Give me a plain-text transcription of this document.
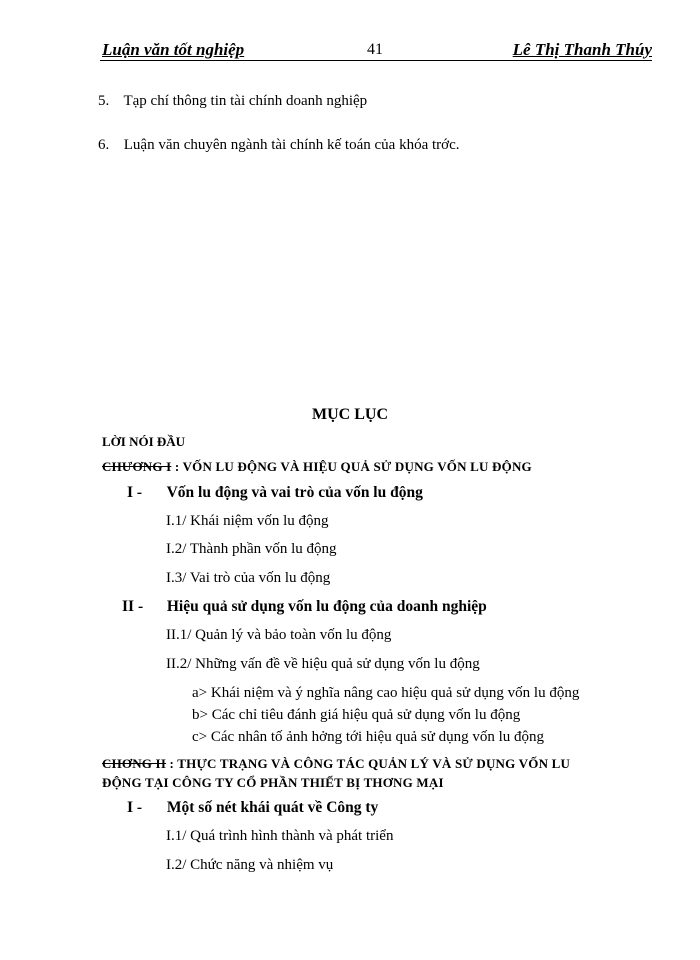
Luận văn tốt nghiệp	41	Lê Thị Thanh Thúy
5. Tạp chí thông tin tài chính doanh nghiệp
6. Luận văn chuyên ngành tài chính kế toán của khóa trớc.
MỤC LỤC
LỜI NÓI ĐẦU
CHƯƠNG I : VỐN LU ĐỘNG VÀ HIỆU QUẢ SỬ DỤNG VỐN LU ĐỘNG
I - Vốn lu động và vai trò của vốn lu động
I.1/ Khái niệm vốn lu động
I.2/ Thành phần vốn lu động
I.3/ Vai trò của vốn lu động
II - Hiệu quả sử dụng vốn lu động của doanh nghiệp
II.1/ Quản lý và bảo toàn vốn lu động
II.2/ Những vấn đề về hiệu quả sử dụng vốn lu động
a> Khái niệm và ý nghĩa nâng cao hiệu quả sử dụng vốn lu động
b> Các chỉ tiêu đánh giá hiệu quả sử dụng vốn lu động
c> Các nhân tố ảnh hởng tới hiệu quả sử dụng vốn lu động
CHƠNG II : THỰC TRẠNG VÀ CÔNG TÁC QUẢN LÝ VÀ SỬ DỤNG VỐN LU
ĐỘNG TẠI CÔNG TY CỔ PHẦN THIẾT BỊ THƠNG MẠI
I - Một số nét khái quát về Công ty
I.1/ Quá trình hình thành và phát triển
I.2/ Chức năng và nhiệm vụ
